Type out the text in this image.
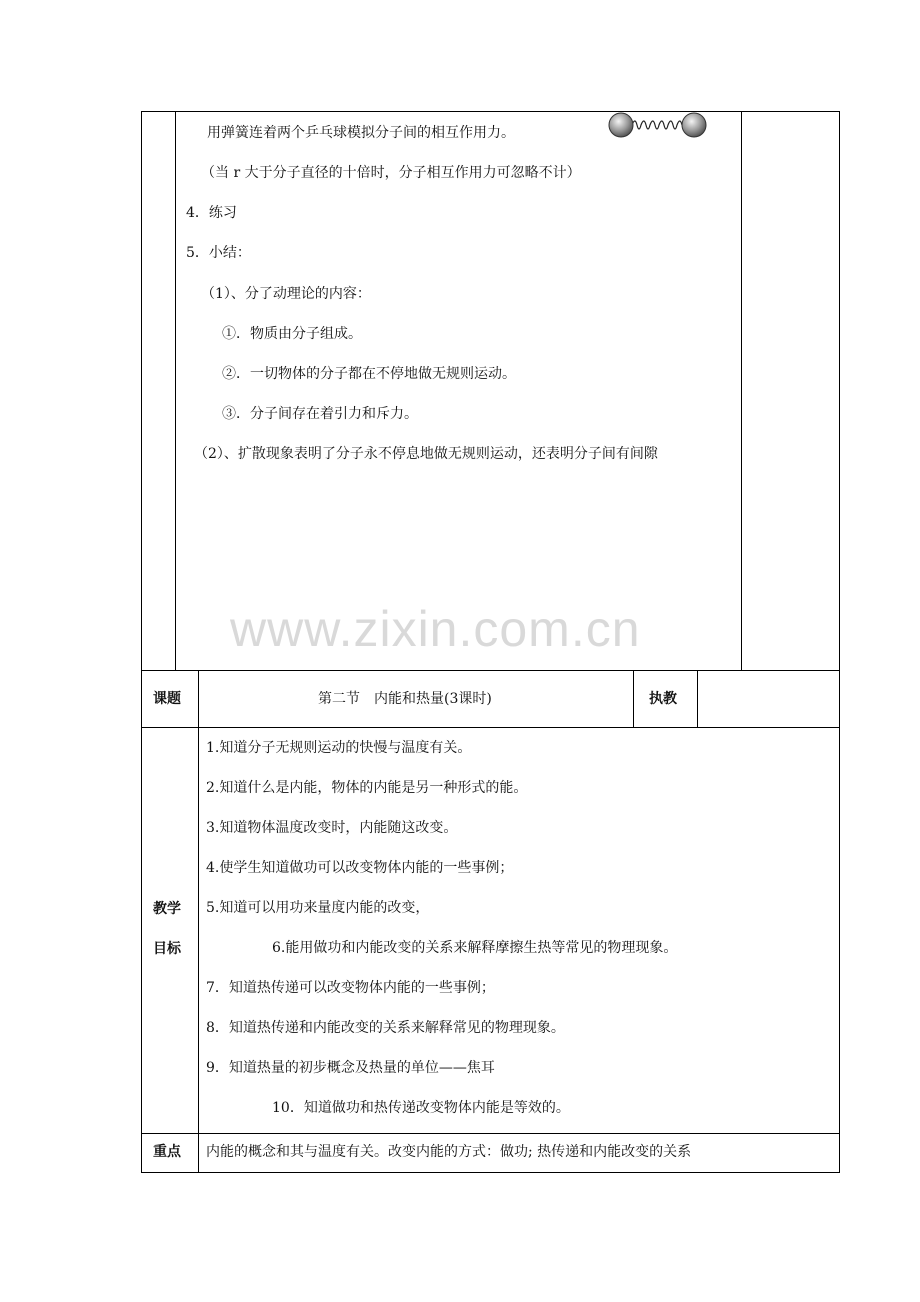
用弹簧连着两个乒乓球模拟分子间的相互作用力。
（当 r 大于分子直径的十倍时，分子相互作用力可忽略不计）
4．练习
5．小结：
（1）、分了动理论的内容：
①．物质由分子组成。
②．一切物体的分子都在不停地做无规则运动。
③．分子间存在着引力和斥力。
（2）、扩散现象表明了分子永不停息地做无规则运动，还表明分子间有间隙
www.zixin.com.cn
课题	第二节　内能和热量(3课时)	执教
教学
目标
1.知道分子无规则运动的快慢与温度有关。
2.知道什么是内能，物体的内能是另一种形式的能。
3.知道物体温度改变时，内能随这改变。
4.使学生知道做功可以改变物体内能的一些事例；
5.知道可以用功来量度内能的改变，
6.能用做功和内能改变的关系来解释摩擦生热等常见的物理现象。
7．知道热传递可以改变物体内能的一些事例；
8．知道热传递和内能改变的关系来解释常见的物理现象。
9．知道热量的初步概念及热量的单位——焦耳
10．知道做功和热传递改变物体内能是等效的。
重点 内能的概念和其与温度有关。改变内能的方式：做功; 热传递和内能改变的关系
